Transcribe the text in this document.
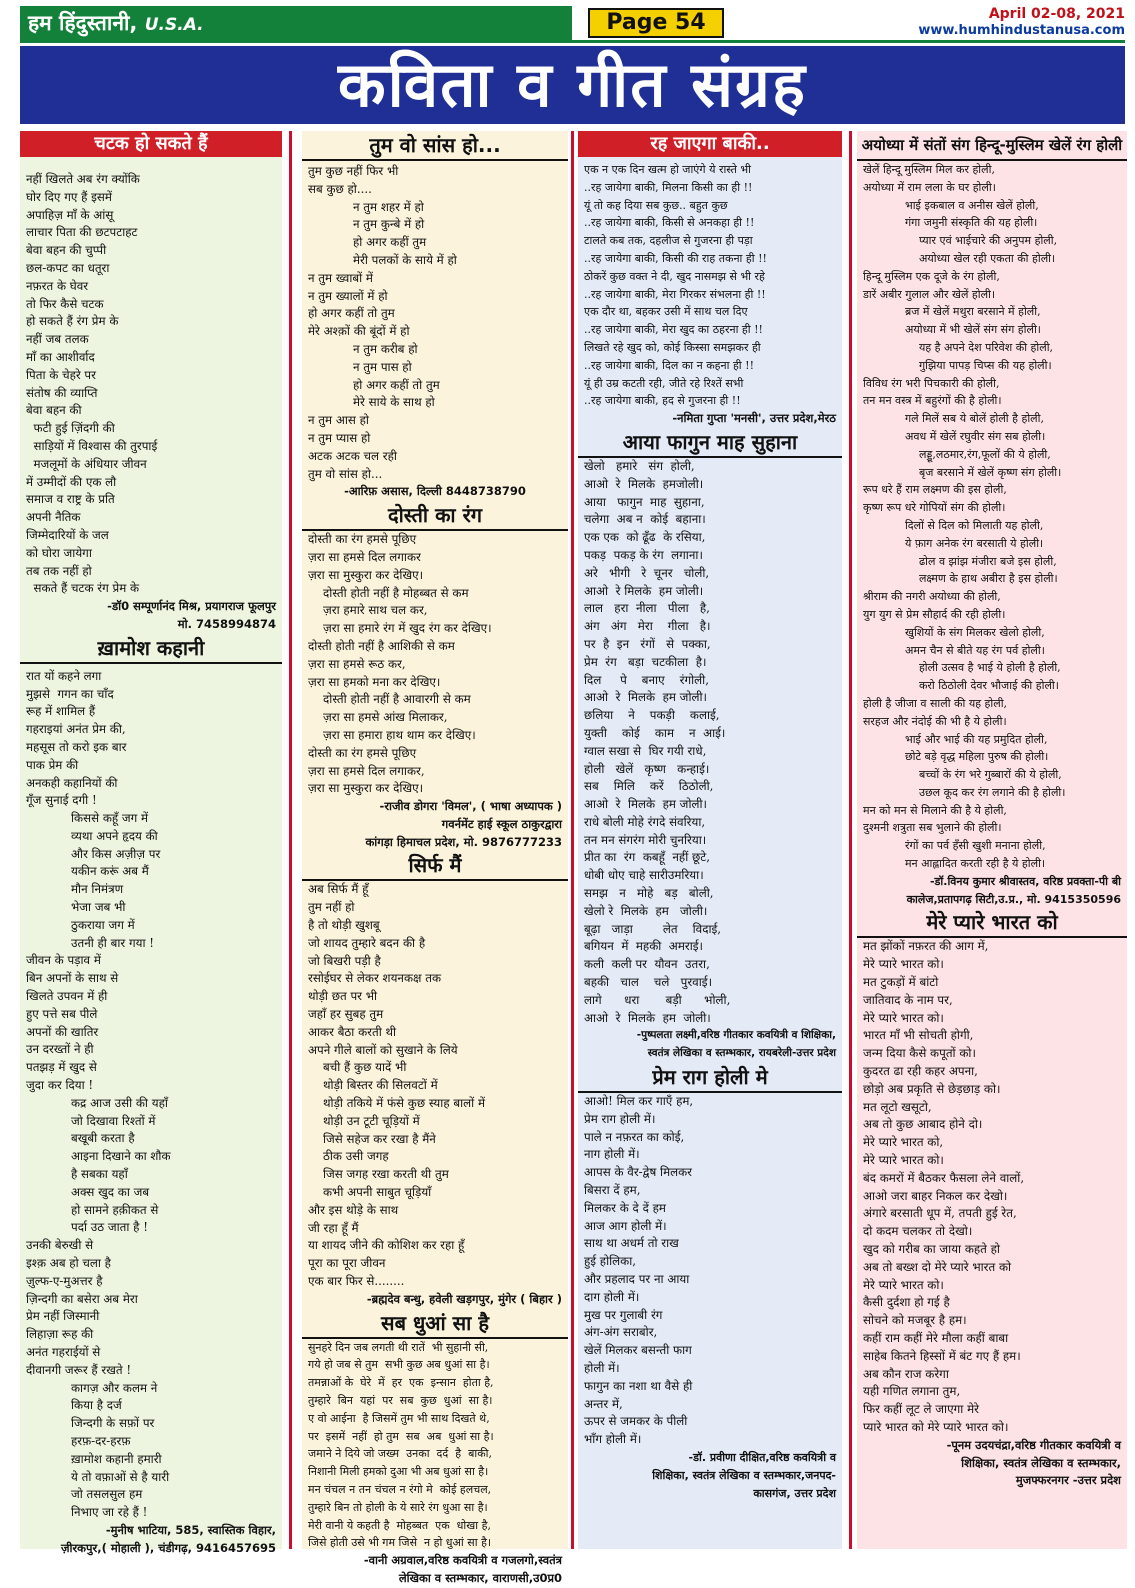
हम हिंदुस्तानी, U.S.A.	Page 54	April 02-08, 2021
www.humhindustanusa.com
कविता व गीत संग्रह
चटक हो सकते हैं
नहीं खिलते अब रंग क्योंकि
घोर दिए गए हैं इसमें
अपाहिज़ माँ के आंसू
लाचार पिता की छटपटाहट
बेवा बहन की चुप्पी
छल-कपट का धतूरा
नफ़रत के घेवर
तो फिर कैसे चटक
हो सकते हैं रंग प्रेम के
नहीं जब तलक
माँ का आशीर्वाद
पिता के चेहरे पर
संतोष की व्याप्ति
बेवा बहन की
फटी हुई ज़िंदगी की
साड़ियों में विश्वास की तुरपाई
मजलूमों के अंधियार जीवन
में उम्मीदों की एक लौ
समाज व राष्ट्र के प्रति
अपनी नैतिक
जिम्मेदारियों के जल
को घोरा जायेगा
तब तक नहीं हो
सकते हैं चटक रंग प्रेम के
-डॉ0 सम्पूर्णानंद मिश्र, प्रयागराज फूलपुर
मो. 7458994874
ख़ामोश कहानी
रात यों कहने लगा
मुझसे  गगन का चाँद
रूह में शामिल हैं
गहराइयां अनंत प्रेम की,
महसूस तो करो इक बार
पाक प्रेम की
अनकही कहानियों की
गूँज सुनाई दगी !
किससे कहूँ जग में
व्यथा अपने हृदय की
और किस अज़ीज़ पर
यकीन करूं अब मैं
मौन निमंत्रण
भेजा जब भी
ठुकराया जग में
उतनी ही बार गया !
जीवन के पड़ाव में
बिन अपनों के साथ से
खिलते उपवन में ही
हुए पत्ते सब पीले
अपनों की खातिर
उन दरख्तों ने ही
पतझड़ में खुद से
जुदा कर दिया !
कद्र आज उसी की यहाँ
जो दिखावा रिश्तों में
बखूबी करता है
आइना दिखाने का शौक
है सबका यहाँ
अक्स खुद का जब
हो सामने हक़ीकत से
पर्दा उठ जाता है !
उनकी बेरुखी से
इश्क़ अब हो चला है
ज़ुल्फ-ए-मुअत्तर है
ज़िन्दगी का बसेरा अब मेरा
प्रेम नहीं जिस्मानी
लिहाज़ा रूह की
अनंत गहराईयों से
दीवानगी जरूर हैं रखते !
कागज़ और कलम ने
किया है दर्ज
जिन्दगी के सफ़ों पर
हरफ़-दर-हरफ़
ख़ामोश कहानी हमारी
ये तो वफ़ाओं से है यारी
जो तसलसुल हम
निभाए जा रहे हैं !
-मुनीष भाटिया, 585, स्वास्तिक विहार,
ज़ीरकपुर,( मोहाली ), चंडीगढ़, 9416457695
तुम वो सांस हो...
तुम कुछ नहीं फिर भी
सब कुछ हो....
न तुम शहर में हो
न तुम कुन्बे में हो
हो अगर कहीं तुम
मेरी पलकों के साये में हो
न तुम ख्वाबों में
न तुम ख्यालों में हो
हो अगर कहीं तो तुम
मेरे अश्क़ों की बूंदों में हो
न तुम करीब हो
न तुम पास हो
हो अगर कहीं तो तुम
मेरे साये के साथ हो
न तुम आस हो
न तुम प्यास हो
अटक अटक चल रही
तुम वो सांस हो...
-आरिफ़ असास, दिल्ली 8448738790
दोस्ती का रंग
दोस्ती का रंग हमसे पूछिए
ज़रा सा हमसे दिल लगाकर
ज़रा सा मुस्कुरा कर देखिए।
दोस्ती होती नहीं है मोहब्बत से कम
ज़रा हमारे साथ चल कर,
ज़रा सा हमारे रंग में खुद रंग कर देखिए।
दोस्ती होती नहीं है आशिकी से कम
ज़रा सा हमसे रूठ कर,
ज़रा सा हमको मना कर देखिए।
दोस्ती होती नहीं है आवारगी से कम
ज़रा सा हमसे आंख मिलाकर,
ज़रा सा हमारा हाथ थाम कर देखिए।
दोस्ती का रंग हमसे पूछिए
ज़रा सा हमसे दिल लगाकर,
ज़रा सा मुस्कुरा कर देखिए।
-राजीव डोगरा 'विमल', ( भाषा अध्यापक )
गवर्नमेंट हाई स्कूल ठाकुरद्वारा
कांगड़ा हिमाचल प्रदेश, मो. 9876777233
सिर्फ मैं
अब सिर्फ मैं हूँ
तुम नहीं हो
है तो थोड़ी खुशबू
जो शायद तुम्हारे बदन की है
जो बिखरी पड़ी है
रसोईघर से लेकर शयनकक्ष तक
थोड़ी छत पर भी
जहाँ हर सुबह तुम
आकर बैठा करती थी
अपने गीले बालों को सुखाने के लिये
बची हैं कुछ यादें भी
थोड़ी बिस्तर की सिलवटों में
थोड़ी तकिये में फंसे कुछ स्याह बालों में
थोड़ी उन टूटी चूड़ियों में
जिसे सहेज कर रखा है मैंने
ठीक उसी जगह
जिस जगह रखा करती थी तुम
कभी अपनी साबुत चूड़ियाँ
और इस थोड़े के साथ
जी रहा हूँ मैं
या शायद जीने की कोशिश कर रहा हूँ
पूरा का पूरा जीवन
एक बार फिर से........
-ब्रह्मदेव बन्धु, हवेली खड़गपुर, मुंगेर ( बिहार )
सब धुआं सा है
सुनहरे दिन जब लगती थी रातें  भी सुहानी सी,
गये हो जब से तुम  सभी कुछ अब धुआं सा है।
तमन्नाओं के  घेरे  में  हर  एक  इन्सान  होता है,
तुम्हारे  बिन  यहां  पर  सब  कुछ  धुआं  सा है।
ए वो आईना  है जिसमें तुम भी साथ दिखते थे,
पर  इसमें  नहीं  हो तुम  सब  अब  धुआं सा है।
जमाने ने दिये जो जख्म  उनका  दर्द  है  बाकी,
निशानी मिली हमको दुआ भी अब धुआं सा है।
मन चंचल न तन चंचल न रंगो मे  कोई हलचल,
तुम्हारे बिन तो होली के ये सारे रंग धुआ सा है।
मेरी वानी ये कहती है  मोहब्बत  एक  धोखा है,
जिसे होती उसे भी गम जिसे  न हो धुआं सा है।
-वानी अग्रवाल,वरिष्ठ कवयित्री व गजलगो,स्वतंत्र
लेखिका व स्तम्भकार, वाराणसी,उ0प्र0
रह जाएगा बाकी..
एक न एक दिन खत्म हो जाएंगे ये रास्ते भी
..रह जायेगा बाकी, मिलना किसी का ही !!
यूं तो कह दिया सब कुछ.. बहुत कुछ
..रह जायेगा बाकी, किसी से अनकहा ही !!
टालते कब तक, दहलीज से गुजरना ही पड़ा
..रह जायेगा बाकी, किसी की राह तकना ही !!
ठोकरें कुछ वक्त ने दी, खुद नासमझ से भी रहे
..रह जायेगा बाकी, मेरा गिरकर संभलना ही !!
एक दौर था, बहकर उसी में साथ चल दिए
..रह जायेगा बाकी, मेरा खुद का ठहरना ही !!
लिखते रहे खुद को, कोई किस्सा समझकर ही
..रह जायेगा बाकी, दिल का न कहना ही !!
यूं ही उम्र कटती रही, जीते रहे रिश्तें सभी
..रह जायेगा बाकी, हद से गुजरना ही !!
-नमिता गुप्ता 'मनसी', उत्तर प्रदेश,मेरठ
आया फागुन माह सुहाना
खेलो   हमारे   संग  होली,
आओ  रे  मिलके  हमजोली।
आया   फागुन  माह  सुहाना,
चलेगा  अब न  कोई  बहाना।
एक एक  को ढूँढ  के रसिया,
पकड़  पकड़ के रंग  लगाना।
अरे   भीगी   रे  चूनर   चोली,
आओ  रे मिलके  हम जोली।
लाल   हरा  नीला   पीला   है,
अंग   अंग   मेरा    गीला   है।
पर  है  इन   रंगों   से  पक्का,
प्रेम  रंग   बड़ा  चटकीला  है।
दिल     पे    बनाए    रंगोली,
आओ  रे  मिलके  हम जोली।
छलिया    ने    पकड़ी    कलाई,
युक्ती    कोई    काम    न  आई।
ग्वाल सखा से  घिर गयी राधे,
होली   खेलें   कृष्ण   कन्हाई।
सब    मिलि    करें    ठिठोली,
आओ  रे  मिलके  हम जोली।
राधे बोली मोहे रंगदे संवरिया,
तन मन संगरंग मोरी चुनरिया।
प्रीत का  रंग  कबहूँ  नहीं छूटे,
धोबी धोए चाहे सारीउमरिया।
समझ   न   मोहे   बड़   बोली,
खेलो रे  मिलके  हम   जोली।
बूढ़ा   जाड़ा        लेत    विदाई,
बगियन  में  महकी  अमराई।
कली  कली पर  यौवन  उतरा,
बहकी   चाल    चले   पुरवाई।
लागे      धरा       बड़ी      भोली,
आओ  रे  मिलके  हम  जोली।
-पुष्पलता लक्ष्मी,वरिष्ठ गीतकार कवयित्री व शिक्षिका,
स्वतंत्र लेखिका व स्तम्भकार, रायबरेली-उत्तर प्रदेश
प्रेम राग होली मे
आओ! मिल कर गाएँ हम,
प्रेम राग होली में।
पाले न नफ़रत का कोई,
नाग होली में।
आपस के वैर-द्वेष मिलकर
बिसरा दें हम,
मिलकर के दे दें हम
आज आग होली में।
साथ था अधर्म तो राख
हुई होलिका,
और प्रहलाद पर ना आया
दाग होली में।
मुख पर गुलाबी रंग
अंग-अंग सराबोर,
खेलें मिलकर बसन्ती फाग
होली में।
फागुन का नशा था वैसे ही
अन्तर में,
ऊपर से जमकर के पीली
भाँग होली में।
-डॉ. प्रवीणा दीक्षित,वरिष्ठ कवयित्री व
शिक्षिका, स्वतंत्र लेखिका व स्तम्भकार,जनपद-
कासगंज, उत्तर प्रदेश
अयोध्या में संतों संग हिन्दू-मुस्लिम खेलें रंग होली
खेलें हिन्दू मुस्लिम मिल कर होली,
अयोध्या में राम लला के घर होली।
भाई इकबाल व अनीस खेलें होली,
गंगा जमुनी संस्कृति की यह होली।
प्यार एवं भाईचारे की अनुपम होली,
अयोध्या खेल रही एकता की होली।
हिन्दू मुस्लिम एक दूजे के रंग होली,
डारें अबीर गुलाल और खेलें होली।
ब्रज में खेलें मथुरा बरसाने में होली,
अयोध्या में भी खेलें संग संग होली।
यह है अपने देश परिवेश की होली,
गुझिया पापड़ चिप्स की यह होली।
विविध रंग भरी पिचकारी की होली,
तन मन वस्त्र में बहुरंगों की है होली।
गले मिलें सब ये बोलें होली है होली,
अवध में खेलें रघुवीर संग सब होली।
लड्डू,लठमार,रंग,फूलों की ये होली,
बृज बरसाने में खेलें कृष्ण संग होली।
रूप धरे हैं राम लक्ष्मण की इस होली,
कृष्ण रूप धरे गोपियों संग की होली।
दिलों से दिल को मिलाती यह होली,
ये फ़ाग अनेक रंग बरसाती ये होली।
ढोल व झांझ मंजीरा बजे इस होली,
लक्ष्मण के हाथ अबीरा है इस होली।
श्रीराम की नगरी अयोध्या की होली,
युग युग से प्रेम सौहार्द की रही होली।
खुशियों के संग मिलकर खेलो होली,
अमन चैन से बीते यह रंग पर्व होली।
होली उत्सव है भाई ये होली है होली,
करो ठिठोली देवर भौजाई की होली।
होली है जीजा व साली की यह होली,
सरहज और नंदोई की भी है ये होली।
भाई और भाई की यह प्रमुदित होली,
छोटे बड़े वृद्ध महिला पुरुष की होली।
बच्चों के रंग भरे गुब्बारों की ये होली,
उछल कूद कर रंग लगाने की है होली।
मन को मन से मिलाने की है ये होली,
दुश्मनी शत्रुता सब भुलाने की होली।
रंगों का पर्व हँसी खुशी मनाना होली,
मन आह्लादित करती रही है ये होली।
-डॉ.विनय कुमार श्रीवास्तव, वरिष्ठ प्रवक्ता-पी बी
कालेज,प्रतापगढ़ सिटी,उ.प्र., मो. 9415350596
मेरे प्यारे भारत को
मत झोंकों नफ़रत की आग में,
मेरे प्यारे भारत को।
मत टुकड़ों में बांटो
जातिवाद के नाम पर,
मेरे प्यारे भारत को।
भारत माँ भी सोचती होगी,
जन्म दिया कैसे कपूतों को।
कुदरत ढा रही कहर अपना,
छोड़ो अब प्रकृति से छेड़छाड़ को।
मत लूटो खसूटो,
अब तो कुछ आबाद होने दो।
मेरे प्यारे भारत को,
मेरे प्यारे भारत को।
बंद कमरों में बैठकर फैसला लेने वालों,
आओ जरा बाहर निकल कर देखो।
अंगारे बरसाती धूप में, तपती हुई रेत,
दो कदम चलकर तो देखो।
खुद को गरीब का जाया कहते हो
अब तो बख्श दो मेरे प्यारे भारत को
मेरे प्यारे भारत को।
कैसी दुर्दशा हो गई है
सोचने को मजबूर है हम।
कहीं राम कहीं मेरे मौला कहीं बाबा
साहेब कितने हिस्सों में बंट गए हैं हम।
अब कौन राज करेगा
यही गणित लगाना तुम,
फिर कहीं लूट ले जाएगा मेरे
प्यारे भारत को मेरे प्यारे भारत को।
-पूनम उदयचंद्रा,वरिष्ठ गीतकार कवयित्री व
शिक्षिका, स्वतंत्र लेखिका व स्तम्भकार,
मुजफ्फरनगर -उत्तर प्रदेश
